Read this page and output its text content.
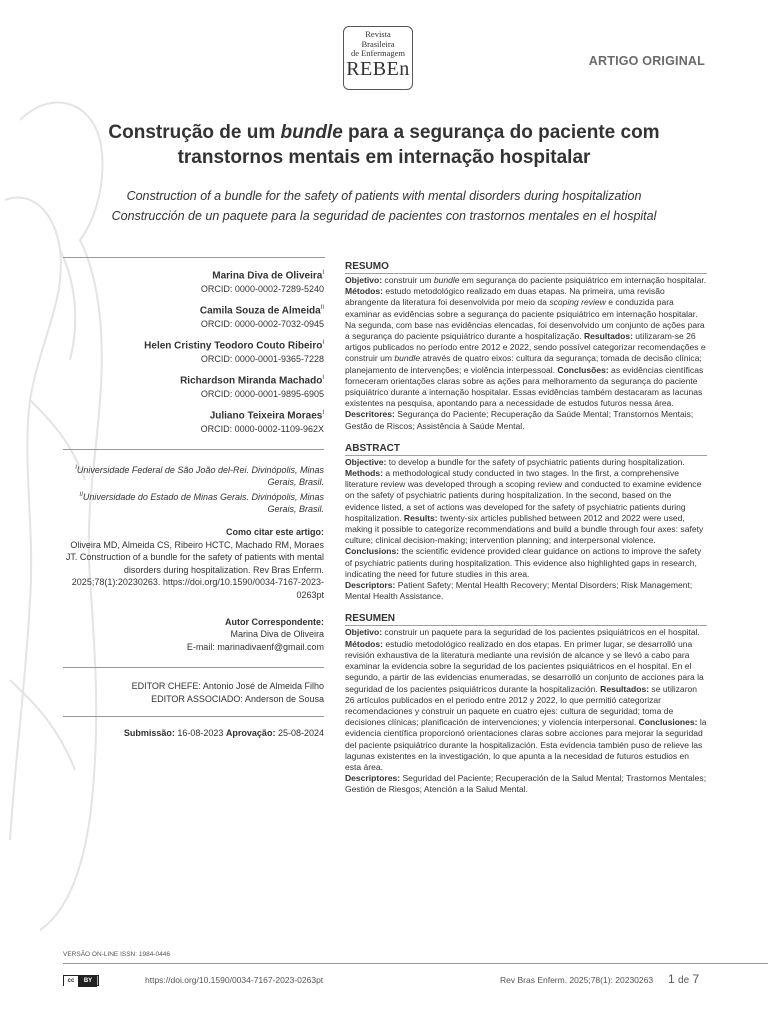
Revista
Brasileira
de Enfermagem
REBEn	ARTIGO ORIGINAL
Construção de um bundle para a segurança do paciente com transtornos mentais em internação hospitalar
Construction of a bundle for the safety of patients with mental disorders during hospitalization
Construcción de un paquete para la seguridad de pacientes con trastornos mentales en el hospital
Marina Diva de Oliveira$^I$
ORCID: 0000-0002-7289-5240
Camila Souza de Almeida$^{II}$
ORCID: 0000-0002-7032-0945
Helen Cristiny Teodoro Couto Ribeiro$^I$
ORCID: 0000-0001-9365-7228
Richardson Miranda Machado$^I$
ORCID: 0000-0001-9895-6905
Juliano Teixeira Moraes$^I$
ORCID: 0000-0002-1109-962X
$^I$Universidade Federal de São João del-Rei. Divinópolis, Minas Gerais, Brasil.
$^{II}$Universidade do Estado de Minas Gerais. Divinópolis, Minas Gerais, Brasil.
Como citar este artigo:
Oliveira MD, Almeida CS, Ribeiro HCTC, Machado RM, Moraes JT. Construction of a bundle for the safety of patients with mental disorders during hospitalization. Rev Bras Enferm. 2025;78(1):20230263. https://doi.org/10.1590/0034-7167-2023-0263pt
Autor Correspondente:
Marina Diva de Oliveira
E-mail: marinadivaenf@gmail.com
EDITOR CHEFE: Antonio José de Almeida Filho
EDITOR ASSOCIADO: Anderson de Sousa
Submissão: 16-08-2023 Aprovação: 25-08-2024
RESUMO

Objetivo: construir um bundle em segurança do paciente psiquiátrico em internação hospitalar. Métodos: estudo metodológico realizado em duas etapas. Na primeira, uma revisão abrangente da literatura foi desenvolvida por meio da scoping review e conduzida para examinar as evidências sobre a segurança do paciente psiquiátrico em internação hospitalar. Na segunda, com base nas evidências elencadas, foi desenvolvido um conjunto de ações para a segurança do paciente psiquiátrico durante a hospitalização. Resultados: utilizaram-se 26 artigos publicados no período entre 2012 e 2022, sendo possível categorizar recomendações e construir um bundle através de quatro eixos: cultura da segurança; tomada de decisão clínica; planejamento de intervenções; e violência interpessoal. Conclusões: as evidências científicas forneceram orientações claras sobre as ações para melhoramento da segurança do paciente psiquiátrico durante a internação hospitalar. Essas evidências também destacaram as lacunas existentes na pesquisa, apontando para a necessidade de estudos futuros nessa área.
Descritores: Segurança do Paciente; Recuperação da Saúde Mental; Transtornos Mentais; Gestão de Riscos; Assistência à Saúde Mental.

ABSTRACT

Objective: to develop a bundle for the safety of psychiatric patients during hospitalization.
Methods: a methodological study conducted in two stages. In the first, a comprehensive literature review was developed through a scoping review and conducted to examine evidence on the safety of psychiatric patients during hospitalization. In the second, based on the evidence listed, a set of actions was developed for the safety of psychiatric patients during hospitalization. Results: twenty-six articles published between 2012 and 2022 were used, making it possible to categorize recommendations and build a bundle through four axes: safety culture; clinical decision-making; intervention planning; and interpersonal violence.
Conclusions: the scientific evidence provided clear guidance on actions to improve the safety of psychiatric patients during hospitalization. This evidence also highlighted gaps in research, indicating the need for future studies in this area.
Descriptors: Patient Safety; Mental Health Recovery; Mental Disorders; Risk Management; Mental Health Assistance.

RESUMEN

Objetivo: construir un paquete para la seguridad de los pacientes psiquiátricos en el hospital.
Métodos: estudio metodológico realizado en dos etapas. En primer lugar, se desarrolló una revisión exhaustiva de la literatura mediante una revisión de alcance y se llevó a cabo para examinar la evidencia sobre la seguridad de los pacientes psiquiátricos en el hospital. En el segundo, a partir de las evidencias enumeradas, se desarrolló un conjunto de acciones para la seguridad de los pacientes psiquiátricos durante la hospitalización. Resultados: se utilizaron 26 artículos publicados en el periodo entre 2012 y 2022, lo que permitió categorizar recomendaciones y construir un paquete en cuatro ejes: cultura de seguridad; toma de decisiones clínicas; planificación de intervenciones; y violencia interpersonal. Conclusiones: la evidencia científica proporcionó orientaciones claras sobre acciones para mejorar la seguridad del paciente psiquiátrico durante la hospitalización. Esta evidencia también puso de relieve las lagunas existentes en la investigación, lo que apunta a la necesidad de futuros estudios en esta área.
Descriptores: Seguridad del Paciente; Recuperación de la Salud Mental; Trastornos Mentales; Gestión de Riesgos; Atención a la Salud Mental.

VERSÃO ON-LINE ISSN: 1984-0446
cc BY	https://doi.org/10.1590/0034-7167-2023-0263pt	Rev Bras Enferm. 2025;78(1): 20230263 1 de 7
